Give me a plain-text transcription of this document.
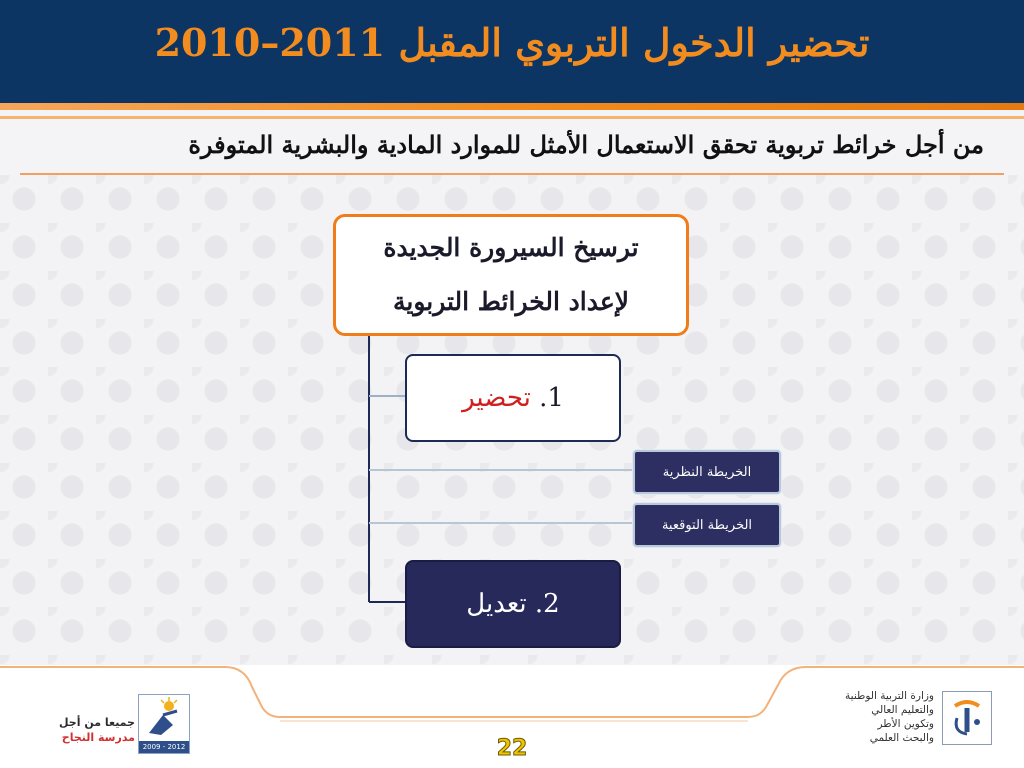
تحضير الدخول التربوي المقبل 2011–2010
من أجل خرائط تربوية تحقق الاستعمال الأمثل للموارد المادية والبشرية المتوفرة
ترسيخ السيرورة الجديدة
لإعداد الخرائط التربوية
1.

تحضير
الخريطة النظرية
الخريطة التوقعية
2.

تعديل
جميعا من أجل
مدرسة النجاح
2009 - 2012
وزارة التربية الوطنية
والتعليم العالي
وتكوين الأطر
والبحث العلمي
22
